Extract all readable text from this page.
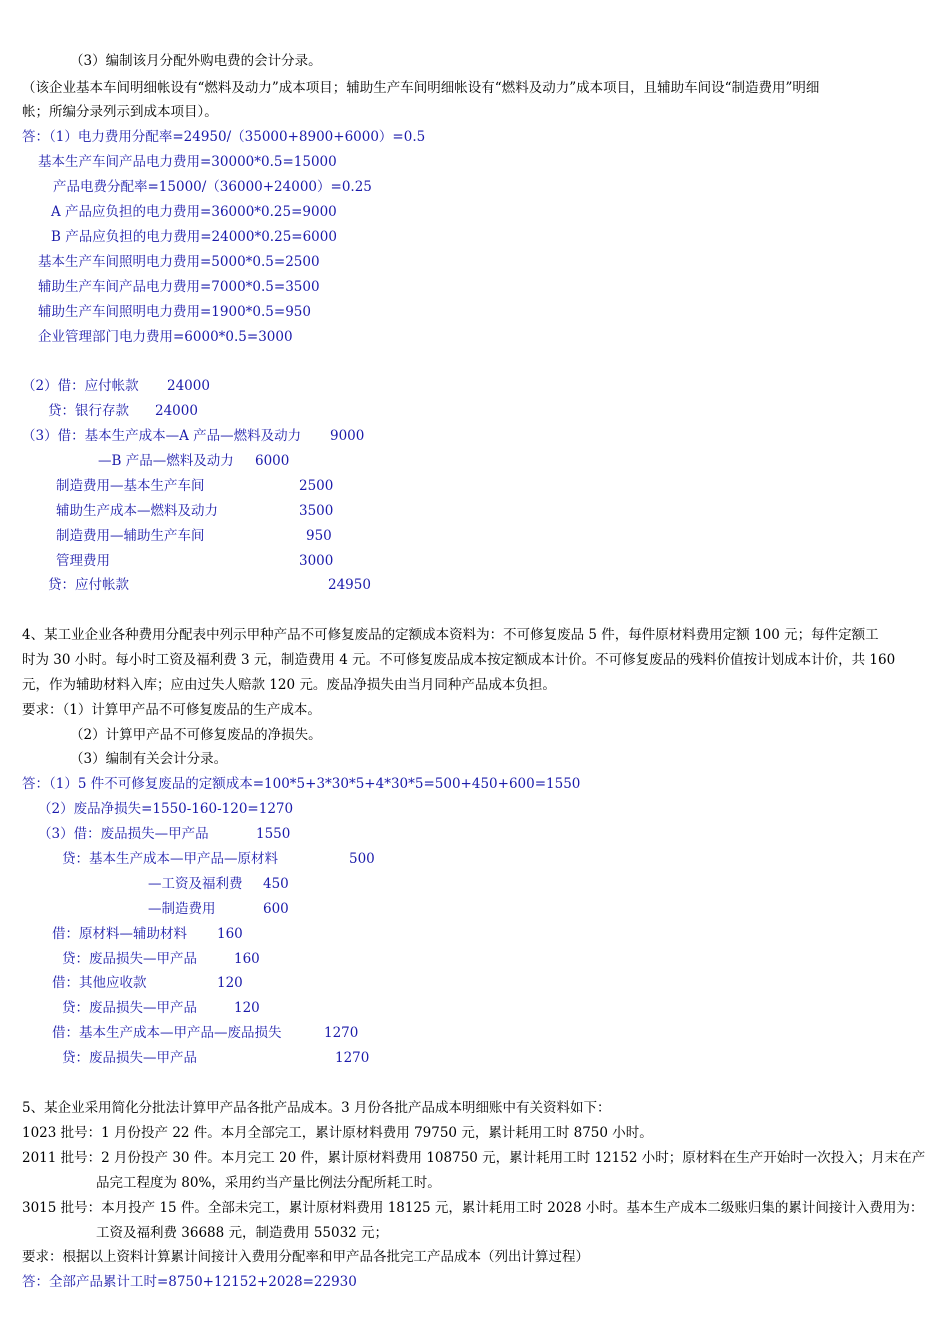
（3）编制该月分配外购电费的会计分录。
（该企业基本车间明细帐设有“燃料及动力”成本项目；辅助生产车间明细帐设有“燃料及动力”成本项目，且辅助车间设“制造费用”明细
帐；所编分录列示到成本项目）。
答：（1）电力费用分配率=24950/（35000+8900+6000）=0.5
基本生产车间产品电力费用=30000*0.5=15000
产品电费分配率=15000/（36000+24000）=0.25
A 产品应负担的电力费用=36000*0.25=9000
B 产品应负担的电力费用=24000*0.25=6000
基本生产车间照明电力费用=5000*0.5=2500
辅助生产车间产品电力费用=7000*0.5=3500
辅助生产车间照明电力费用=1900*0.5=950
企业管理部门电力费用=6000*0.5=3000
（2）借：应付帐款 24000
贷：银行存款 24000
（3）借：基本生产成本—A 产品—燃料及动力 9000
—B 产品—燃料及动力 6000
制造费用—基本生产车间	2500
辅助生产成本—燃料及动力	3500
制造费用—辅助生产车间	950
管理费用	3000
贷：应付帐款	24950
4、某工业企业各种费用分配表中列示甲种产品不可修复废品的定额成本资料为：不可修复废品 5 件，每件原材料费用定额 100 元；每件定额工
时为 30 小时。每小时工资及福利费 3 元，制造费用 4 元。不可修复废品成本按定额成本计价。不可修复废品的残料价值按计划成本计价，共 160
元，作为辅助材料入库；应由过失人赔款 120 元。废品净损失由当月同种产品成本负担。
要求：（1）计算甲产品不可修复废品的生产成本。
（2）计算甲产品不可修复废品的净损失。
（3）编制有关会计分录。
答：（1）5 件不可修复废品的定额成本=100*5+3*30*5+4*30*5=500+450+600=1550
（2）废品净损失=1550-160-120=1270
（3）借：废品损失—甲产品	1550
贷：基本生产成本—甲产品—原材料	500
—工资及福利费 450
—制造费用	600
借：原材料—辅助材料 160
贷：废品损失—甲产品	160
借：其他应收款	120
贷：废品损失—甲产品	120
借：基本生产成本—甲产品—废品损失	1270
贷：废品损失—甲产品	1270
5、某企业采用简化分批法计算甲产品各批产品成本。3 月份各批产品成本明细账中有关资料如下：
1023 批号：1 月份投产 22 件。本月全部完工，累计原材料费用 79750 元，累计耗用工时 8750 小时。
2011 批号：2 月份投产 30 件。本月完工 20 件，累计原材料费用 108750 元，累计耗用工时 12152 小时；原材料在生产开始时一次投入；月末在产
品完工程度为 80%，采用约当产量比例法分配所耗工时。
3015 批号：本月投产 15 件。全部未完工，累计原材料费用 18125 元，累计耗用工时 2028 小时。基本生产成本二级账归集的累计间接计入费用为：
工资及福利费 36688 元，制造费用 55032 元；
要求：根据以上资料计算累计间接计入费用分配率和甲产品各批完工产品成本（列出计算过程）
答：全部产品累计工时=8750+12152+2028=22930
